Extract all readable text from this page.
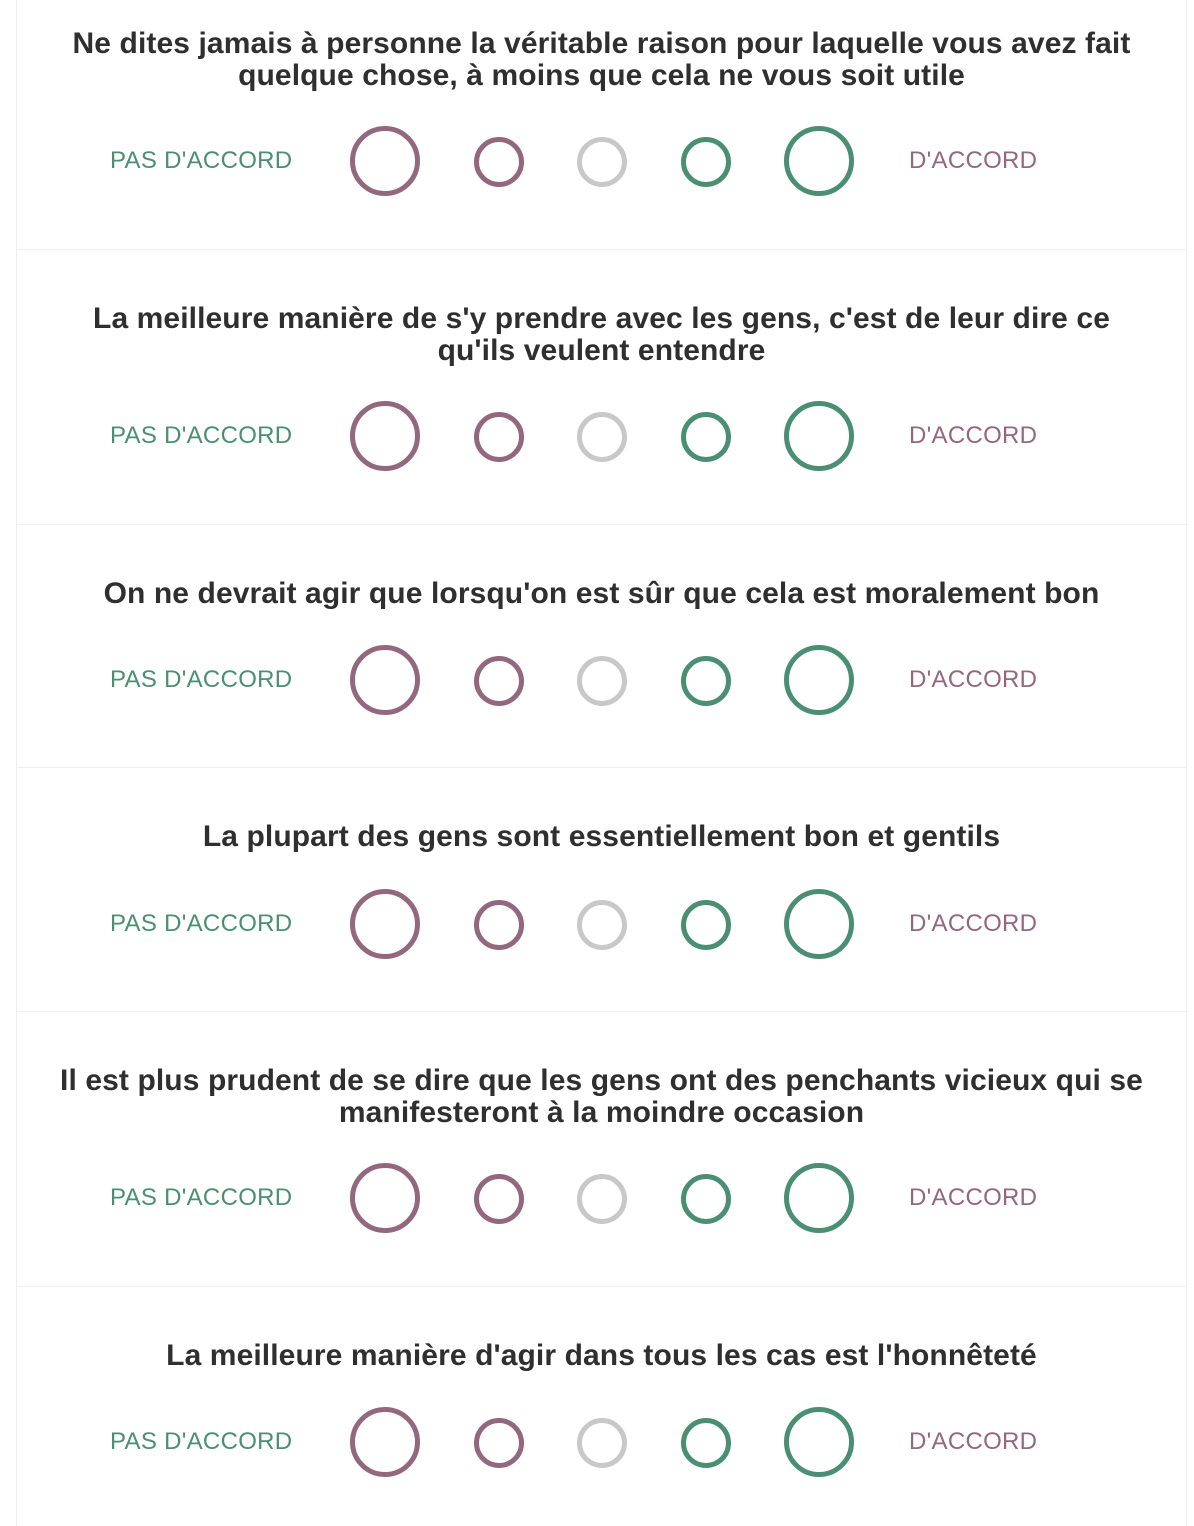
Ne dites jamais à personne la véritable raison pour laquelle vous avez fait quelque chose, à moins que cela ne vous soit utile
PAS D'ACCORD	D'ACCORD
La meilleure manière de s'y prendre avec les gens, c'est de leur dire ce qu'ils veulent entendre
PAS D'ACCORD	D'ACCORD
On ne devrait agir que lorsqu'on est sûr que cela est moralement bon
PAS D'ACCORD	D'ACCORD
La plupart des gens sont essentiellement bon et gentils
PAS D'ACCORD	D'ACCORD
Il est plus prudent de se dire que les gens ont des penchants vicieux qui se manifesteront à la moindre occasion
PAS D'ACCORD	D'ACCORD
La meilleure manière d'agir dans tous les cas est l'honnêteté
PAS D'ACCORD	D'ACCORD
